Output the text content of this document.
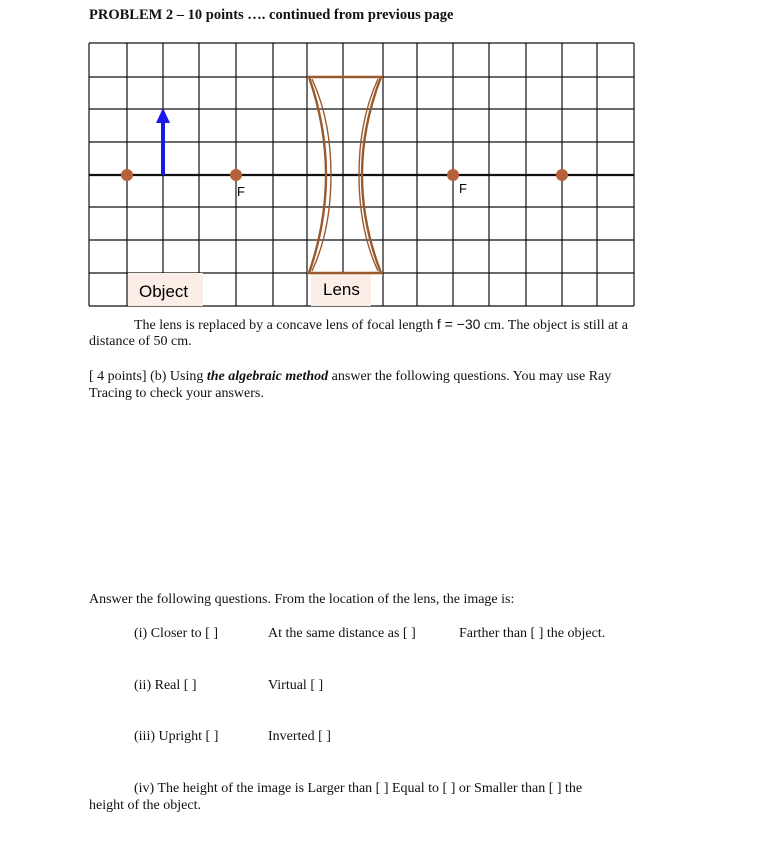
PROBLEM 2 – 10 points …. continued from previous page
F	F
Object	Lens
The lens is replaced by a concave lens of focal length f = −30 cm. The object is still at a
distance of 50 cm.
[ 4 points] (b) Using the algebraic method answer the following questions. You may use Ray
Tracing to check your answers.
Answer the following questions. From the location of the lens, the image is:
(i) Closer to [ ]	At the same distance as [ ]	Farther than [ ] the object.
(ii) Real [ ]	Virtual [ ]
(iii) Upright [ ]	Inverted [ ]
(iv) The height of the image is Larger than [ ] Equal to [ ] or Smaller than [ ] the
height of the object.
